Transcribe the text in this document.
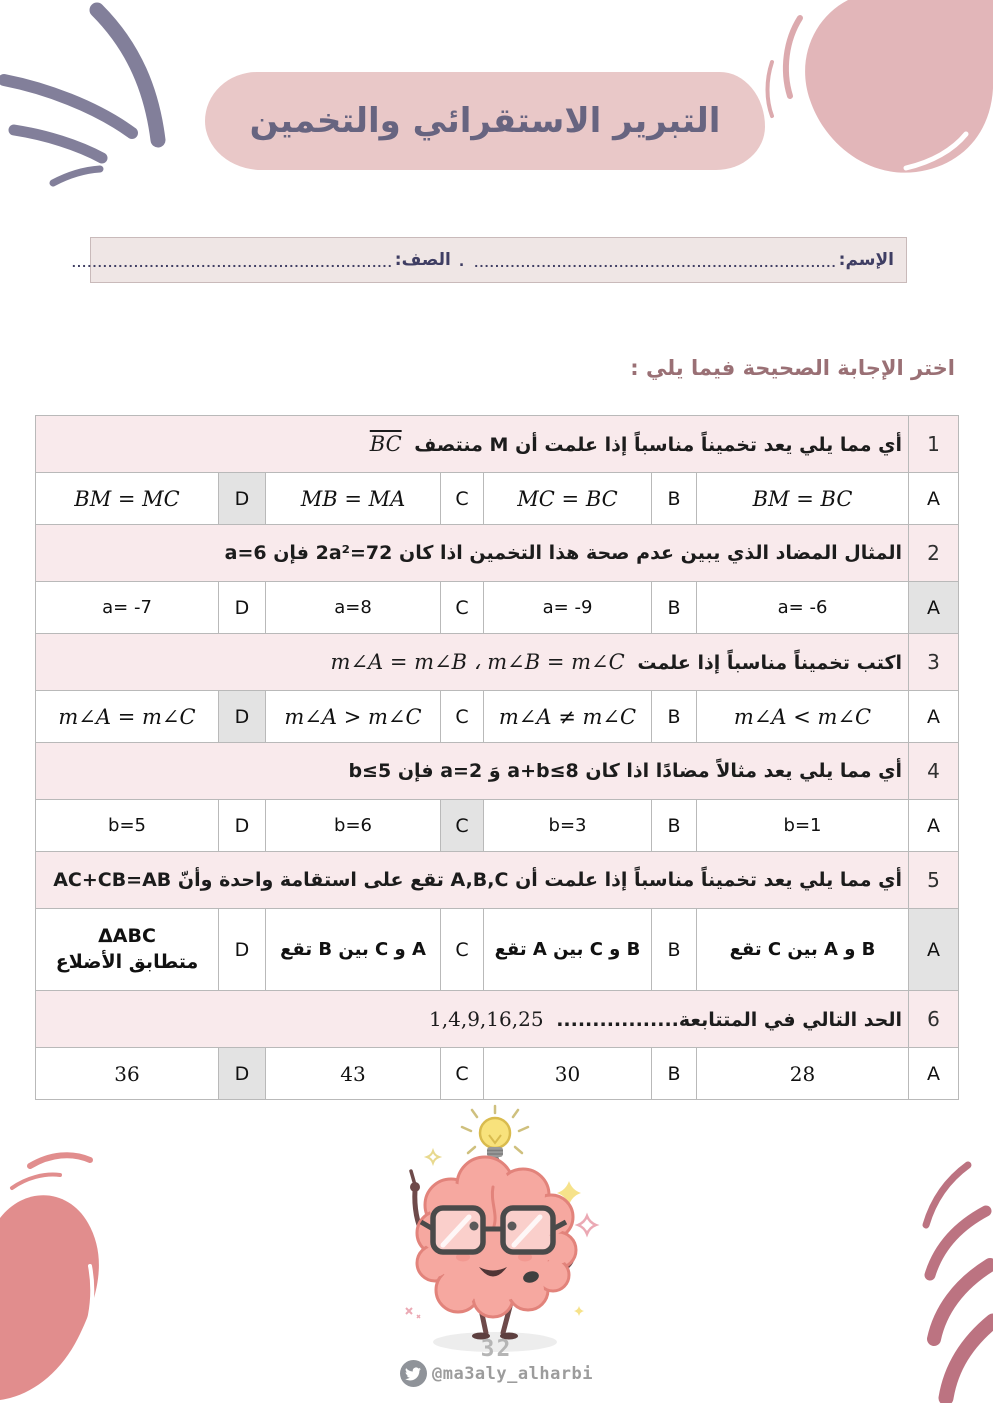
التبرير الاستقرائي والتخمين
الإسم:
......................................................................
.
الصف:
..............................................................
اختر الإجابة الصحيحة فيما يلي :
أي مما يلي يعد تخميناً مناسباً إذا علمت أن M منتصف $\overline{BC}$							1
BM = MC	D	MB = MA	C	MC = BC	B	BM = BC	A
المثال المضاد الذي يبين عدم صحة هذا التخمين اذا كان 2a²=72 فإن a=6							2
a= -7	D	a=8	C	a= -9	B	a= -6	A
اكتب تخميناً مناسباً إذا علمت m∠A = m∠B ، m∠B = m∠C							3
m∠A = m∠C	D	m∠A > m∠C	C	m∠A ≠ m∠C	B	m∠A < m∠C	A
أي مما يلي يعد مثالاً مضادًا اذا كان a+b≤8 وَ a=2 فإن b≤5							4
b=5	D	b=6	C	b=3	B	b=1	A
أي مما يلي يعد تخميناً مناسباً إذا علمت أن A,B,C تقع على استقامة واحدة وأنّ AC+CB=AB							5
ΔABC
متطابق الأضلاع	D	تقع B بين C و A	C	تقع A بين C و B	B	تقع C بين A و B	A
الحد التالي في المتتابعة................. 1,4,9,16,25							6
36	D	43	C	30	B	28	A
32
@ma3aly_alharbi
